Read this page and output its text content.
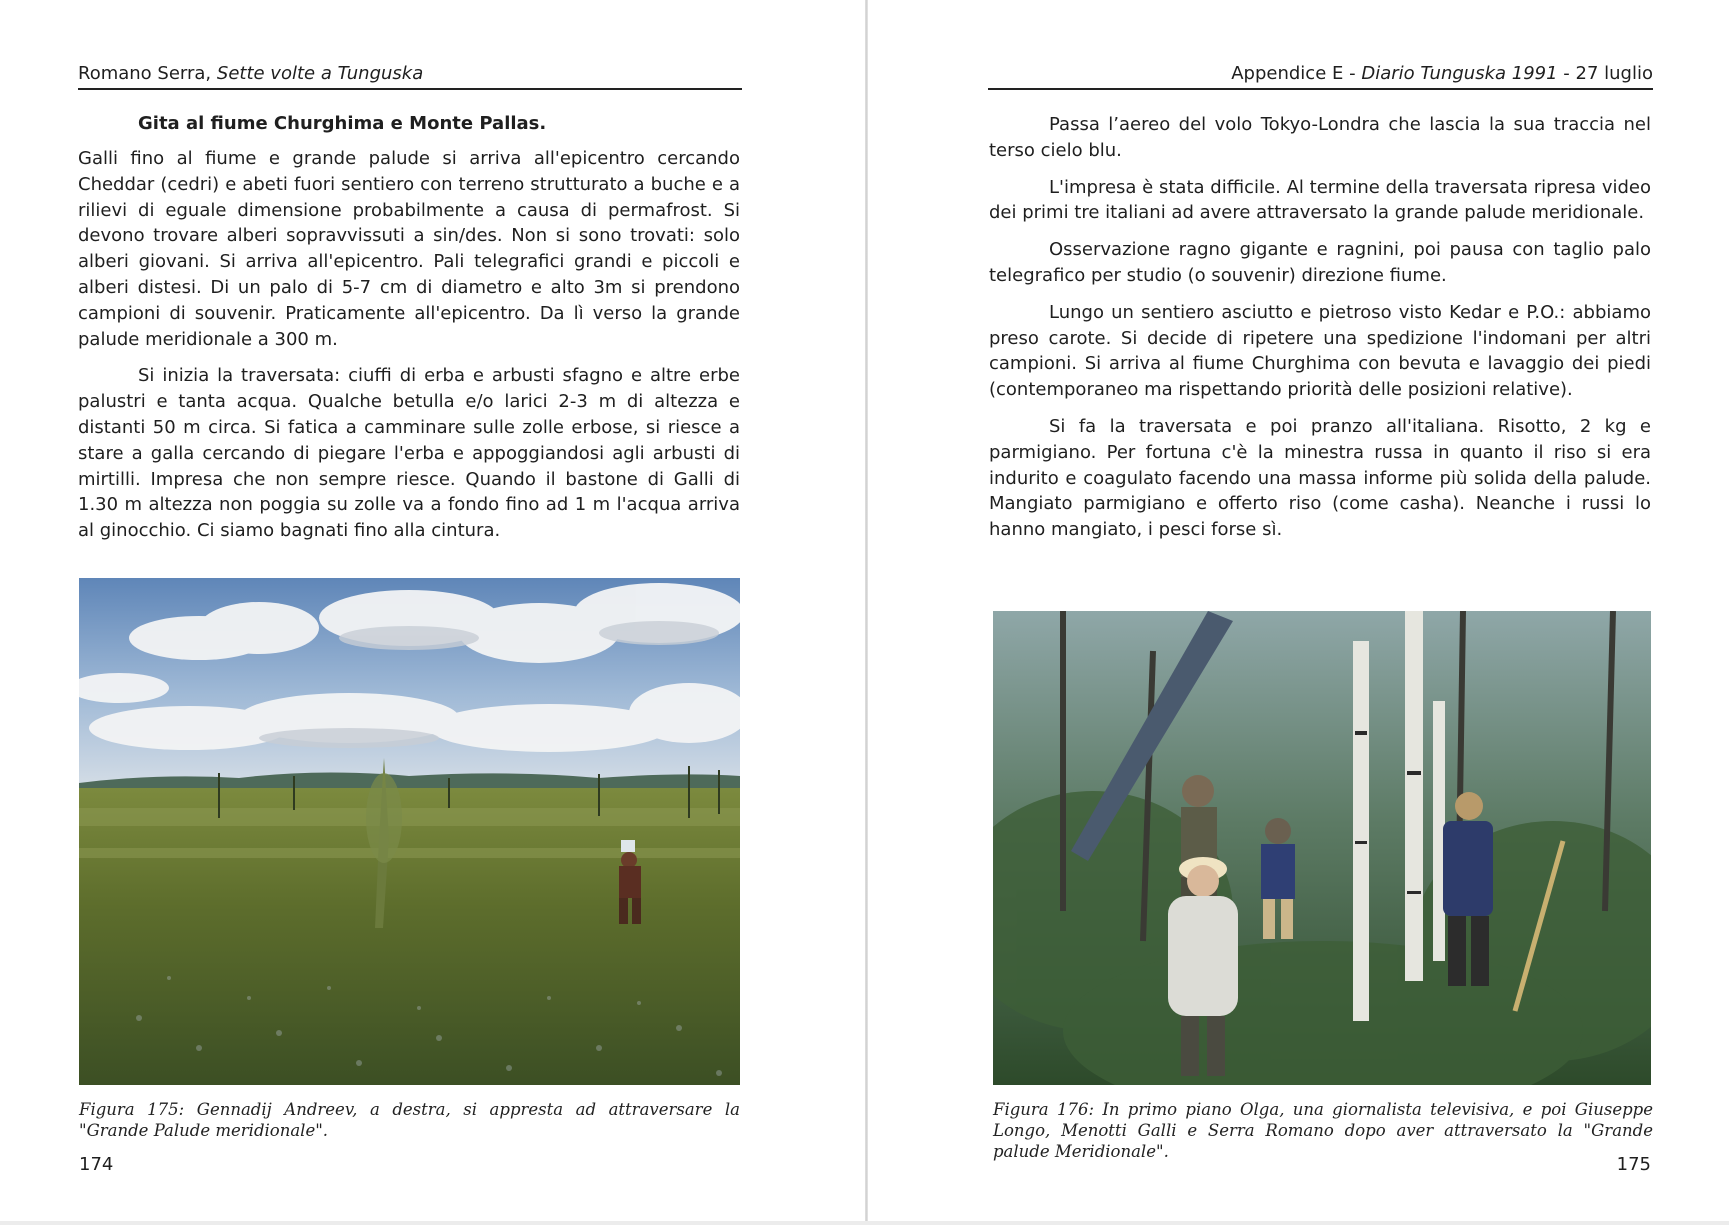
Romano Serra, Sette volte a Tunguska
Gita al fiume Churghima e Monte Pallas.

Galli fino al fiume e grande palude si arriva all'epicentro cercando Cheddar (cedri) e abeti fuori sentiero con terreno strutturato a buche e a rilievi di eguale dimensione probabilmente a causa di permafrost. Si devono trovare alberi sopravvissuti a sin/des. Non si sono trovati: solo alberi giovani. Si arriva all'epicentro. Pali telegrafici grandi e piccoli e alberi distesi. Di un palo di 5-7 cm di diametro e alto 3m si prendono campioni di souvenir. Praticamente all'epicentro. Da lì verso la grande palude meridionale a 300 m.

Si inizia la traversata: ciuffi di erba e arbusti sfagno e altre erbe palustri e tanta acqua. Qualche betulla e/o larici 2-3 m di altezza e distanti 50 m circa. Si fatica a camminare sulle zolle erbose, si riesce a stare a galla cercando di piegare l'erba e appoggiandosi agli arbusti di mirtilli. Impresa che non sempre riesce. Quando il bastone di Galli di 1.30 m altezza non poggia su zolle va a fondo fino ad 1 m l'acqua arriva al ginocchio. Ci siamo bagnati fino alla cintura.

Figura 175: Gennadij Andreev, a destra, si appresta ad attraversare la "Grande Palude meridionale".
174
Appendice E - Diario Tunguska 1991 - 27 luglio

Passa l’aereo del volo Tokyo-Londra che lascia la sua traccia nel terso cielo blu.

L'impresa è stata difficile. Al termine della traversata ripresa video dei primi tre italiani ad avere attraversato la grande palude meridionale.

Osservazione ragno gigante e ragnini, poi pausa con taglio palo telegrafico per studio (o souvenir) direzione fiume.

Lungo un sentiero asciutto e pietroso visto Kedar e P.O.: abbiamo preso carote. Si decide di ripetere una spedizione l'indomani per altri campioni. Si arriva al fiume Churghima con bevuta e lavaggio dei piedi (contemporaneo ma rispettando priorità delle posizioni relative).

Si fa la traversata e poi pranzo all'italiana. Risotto, 2 kg e parmigiano. Per fortuna c'è la minestra russa in quanto il riso si era indurito e coagulato facendo una massa informe più solida della palude. Mangiato parmigiano e offerto riso (come casha). Neanche i russi lo hanno mangiato, i pesci forse sì.

Figura 176: In primo piano Olga, una giornalista televisiva, e poi Giuseppe Longo, Menotti Galli e Serra Romano dopo aver attraversato la "Grande palude Meridionale".
175
